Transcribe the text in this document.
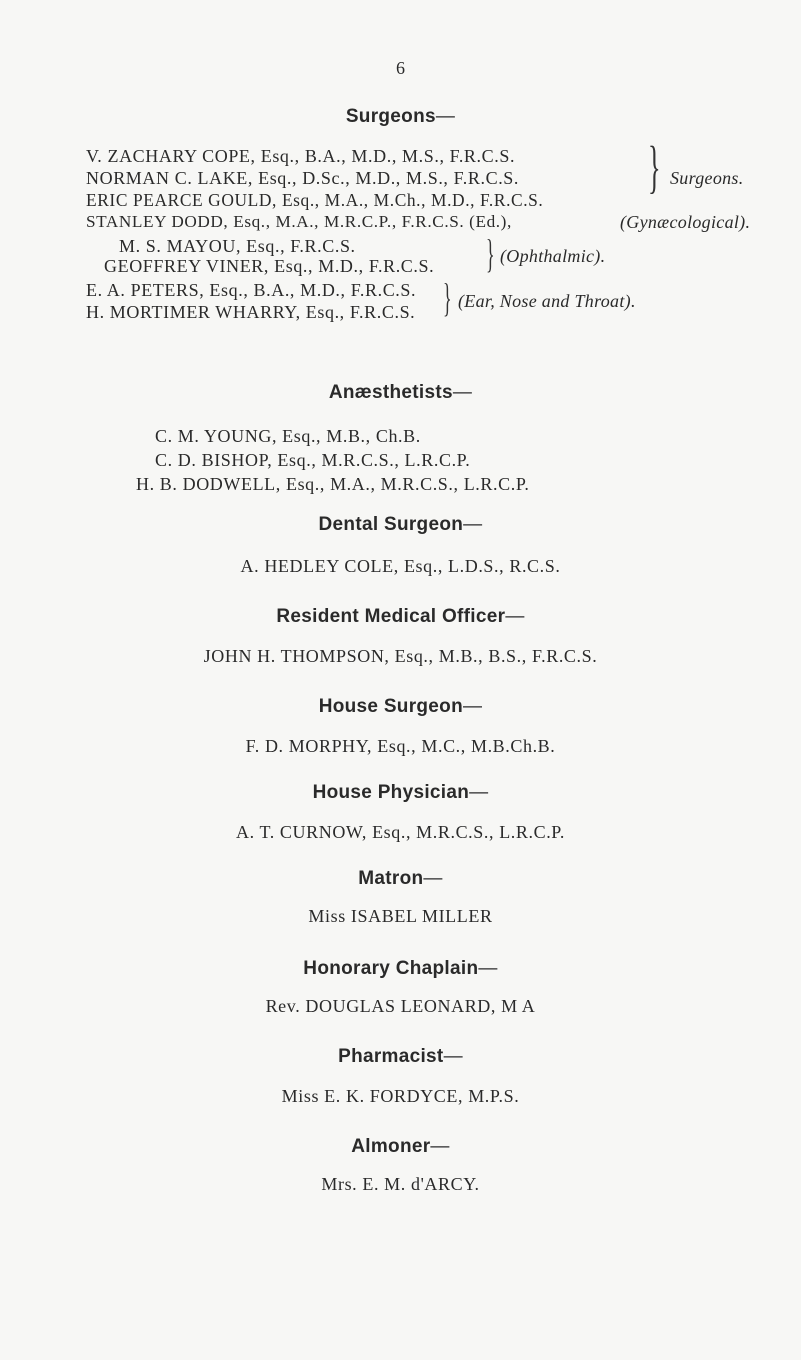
6
Surgeons—
V. ZACHARY COPE, Esq., B.A., M.D., M.S., F.R.C.S.
NORMAN C. LAKE, Esq., D.Sc., M.D., M.S., F.R.C.S.
ERIC PEARCE GOULD, Esq., M.A., M.Ch., M.D., F.R.C.S.
} Surgeons.
STANLEY DODD, Esq., M.A., M.R.C.P., F.R.C.S. (Ed.),	(Gynæcological).
M. S. MAYOU, Esq., F.R.C.S.
GEOFFREY VINER, Esq., M.D., F.R.C.S. } (Ophthalmic).
E. A. PETERS, Esq., B.A., M.D., F.R.C.S.
H. MORTIMER WHARRY, Esq., F.R.C.S. } (Ear, Nose and Throat).
Anæsthetists—
C. M. YOUNG, Esq., M.B., Ch.B.
C. D. BISHOP, Esq., M.R.C.S., L.R.C.P.
H. B. DODWELL, Esq., M.A., M.R.C.S., L.R.C.P.
Dental Surgeon—
A. HEDLEY COLE, Esq., L.D.S., R.C.S.
Resident Medical Officer—
JOHN H. THOMPSON, Esq., M.B., B.S., F.R.C.S.
House Surgeon—
F. D. MORPHY, Esq., M.C., M.B.Ch.B.
House Physician—
A. T. CURNOW, Esq., M.R.C.S., L.R.C.P.
Matron—
Miss ISABEL MILLER
Honorary Chaplain—
Rev. DOUGLAS LEONARD, M A
Pharmacist—
Miss E. K. FORDYCE, M.P.S.
Almoner—
Mrs. E. M. d'ARCY.
